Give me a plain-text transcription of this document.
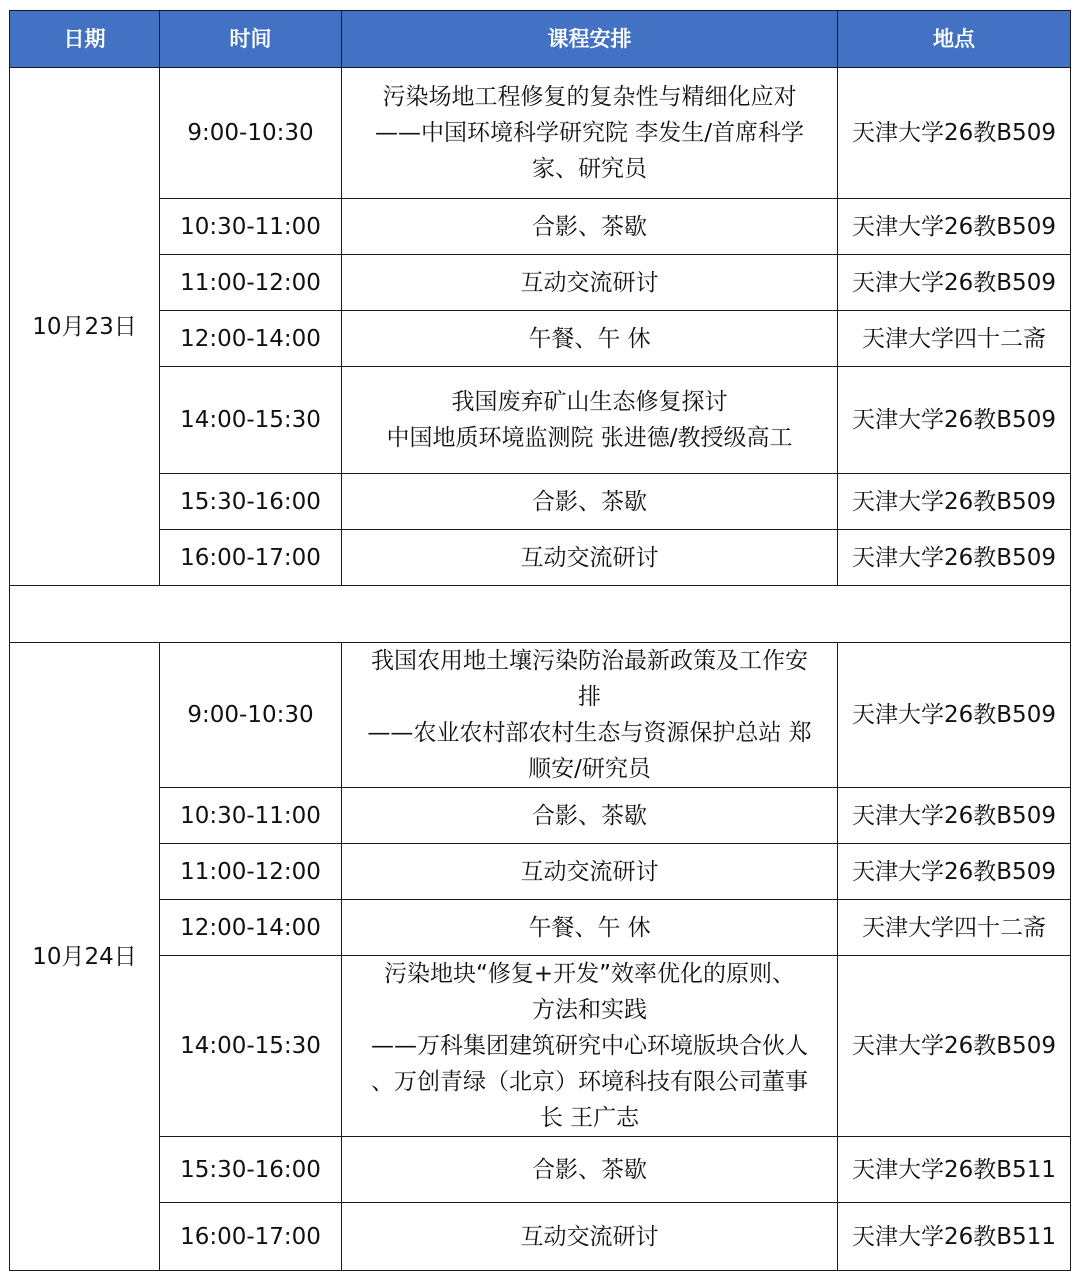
日期	时间	课程安排	地点
10月23日	9:00-10:30	污染场地工程修复的复杂性与精细化应对
——中国环境科学研究院 李发生/首席科学
家、研究员	天津大学26教B509
	10:30-11:00	合影、茶歇	天津大学26教B509
	11:00-12:00	互动交流研讨	天津大学26教B509
	12:00-14:00	午餐、午 休	天津大学四十二斋
	14:00-15:30	我国废弃矿山生态修复探讨
中国地质环境监测院 张进德/教授级高工	天津大学26教B509
	15:30-16:00	合影、茶歇	天津大学26教B509
	16:00-17:00	互动交流研讨	天津大学26教B509

10月24日	9:00-10:30	我国农用地土壤污染防治最新政策及工作安
排
——农业农村部农村生态与资源保护总站 郑
顺安/研究员	天津大学26教B509
	10:30-11:00	合影、茶歇	天津大学26教B509
	11:00-12:00	互动交流研讨	天津大学26教B509
	12:00-14:00	午餐、午 休	天津大学四十二斋
	14:00-15:30	污染地块“修复+开发”效率优化的原则、
方法和实践
——万科集团建筑研究中心环境版块合伙人
、万创青绿（北京）环境科技有限公司董事
长 王广志	天津大学26教B509
	15:30-16:00	合影、茶歇	天津大学26教B511
	16:00-17:00	互动交流研讨	天津大学26教B511
